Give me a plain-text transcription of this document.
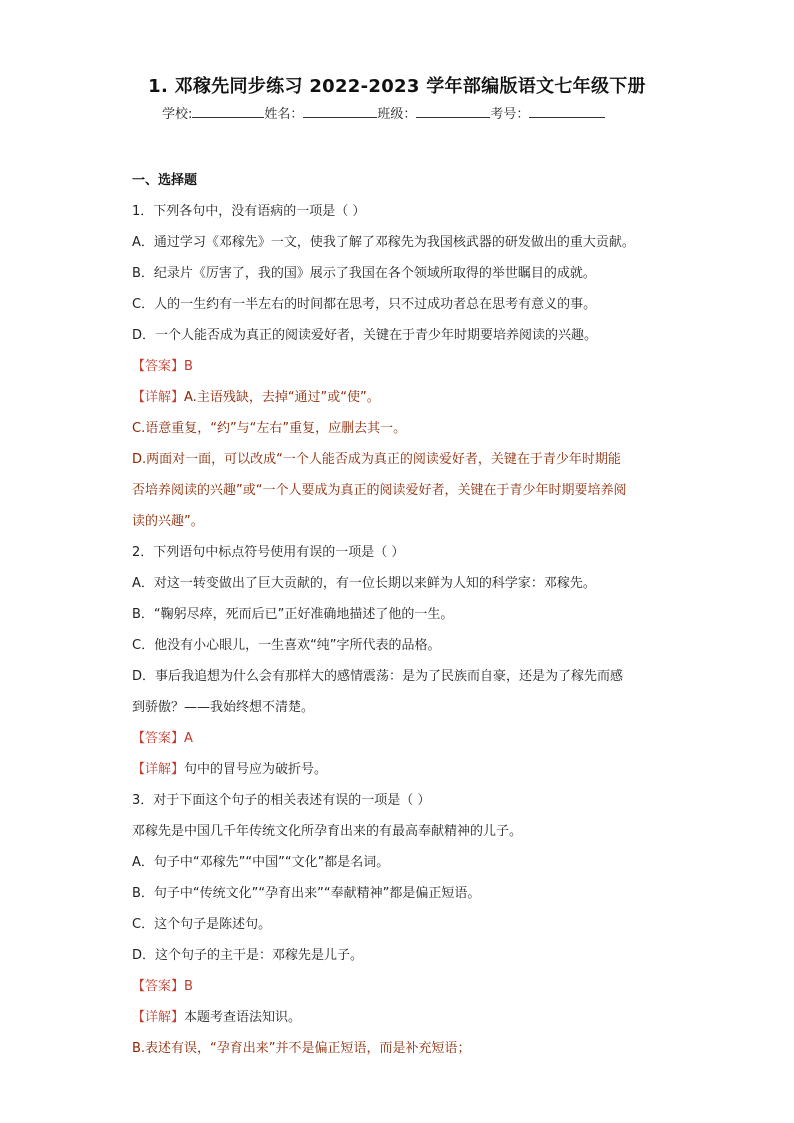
1. 邓稼先同步练习 2022-2023 学年部编版语文七年级下册
学校:	姓名：	班级：	考号：
一、选择题
1．下列各句中，没有语病的一项是（ ）
A．通过学习《邓稼先》一文，使我了解了邓稼先为我国核武器的研发做出的重大贡献。
B．纪录片《厉害了，我的国》展示了我国在各个领域所取得的举世瞩目的成就。
C．人的一生约有一半左右的时间都在思考，只不过成功者总在思考有意义的事。
D．一个人能否成为真正的阅读爱好者，关键在于青少年时期要培养阅读的兴趣。
【答案】B
【详解】A.主语残缺，去掉“通过”或“使”。
C.语意重复，“约”与“左右”重复，应删去其一。
D.两面对一面，可以改成“一个人能否成为真正的阅读爱好者，关键在于青少年时期能
否培养阅读的兴趣”或“一个人要成为真正的阅读爱好者，关键在于青少年时期要培养阅
读的兴趣”。
2．下列语句中标点符号使用有误的一项是（ ）
A．对这一转变做出了巨大贡献的，有一位长期以来鲜为人知的科学家：邓稼先。
B．“鞠躬尽瘁，死而后已”正好准确地描述了他的一生。
C．他没有小心眼儿，一生喜欢“纯”字所代表的品格。
D．事后我追想为什么会有那样大的感情震荡：是为了民族而自豪，还是为了稼先而感
到骄傲？——我始终想不清楚。
【答案】A
【详解】句中的冒号应为破折号。
3．对于下面这个句子的相关表述有误的一项是（ ）
邓稼先是中国几千年传统文化所孕育出来的有最高奉献精神的儿子。
A．句子中“邓稼先”“中国”“文化”都是名词。
B．句子中“传统文化”“孕育出来”“奉献精神”都是偏正短语。
C．这个句子是陈述句。
D．这个句子的主干是：邓稼先是儿子。
【答案】B
【详解】本题考查语法知识。
B.表述有误，“孕育出来”并不是偏正短语，而是补充短语；
